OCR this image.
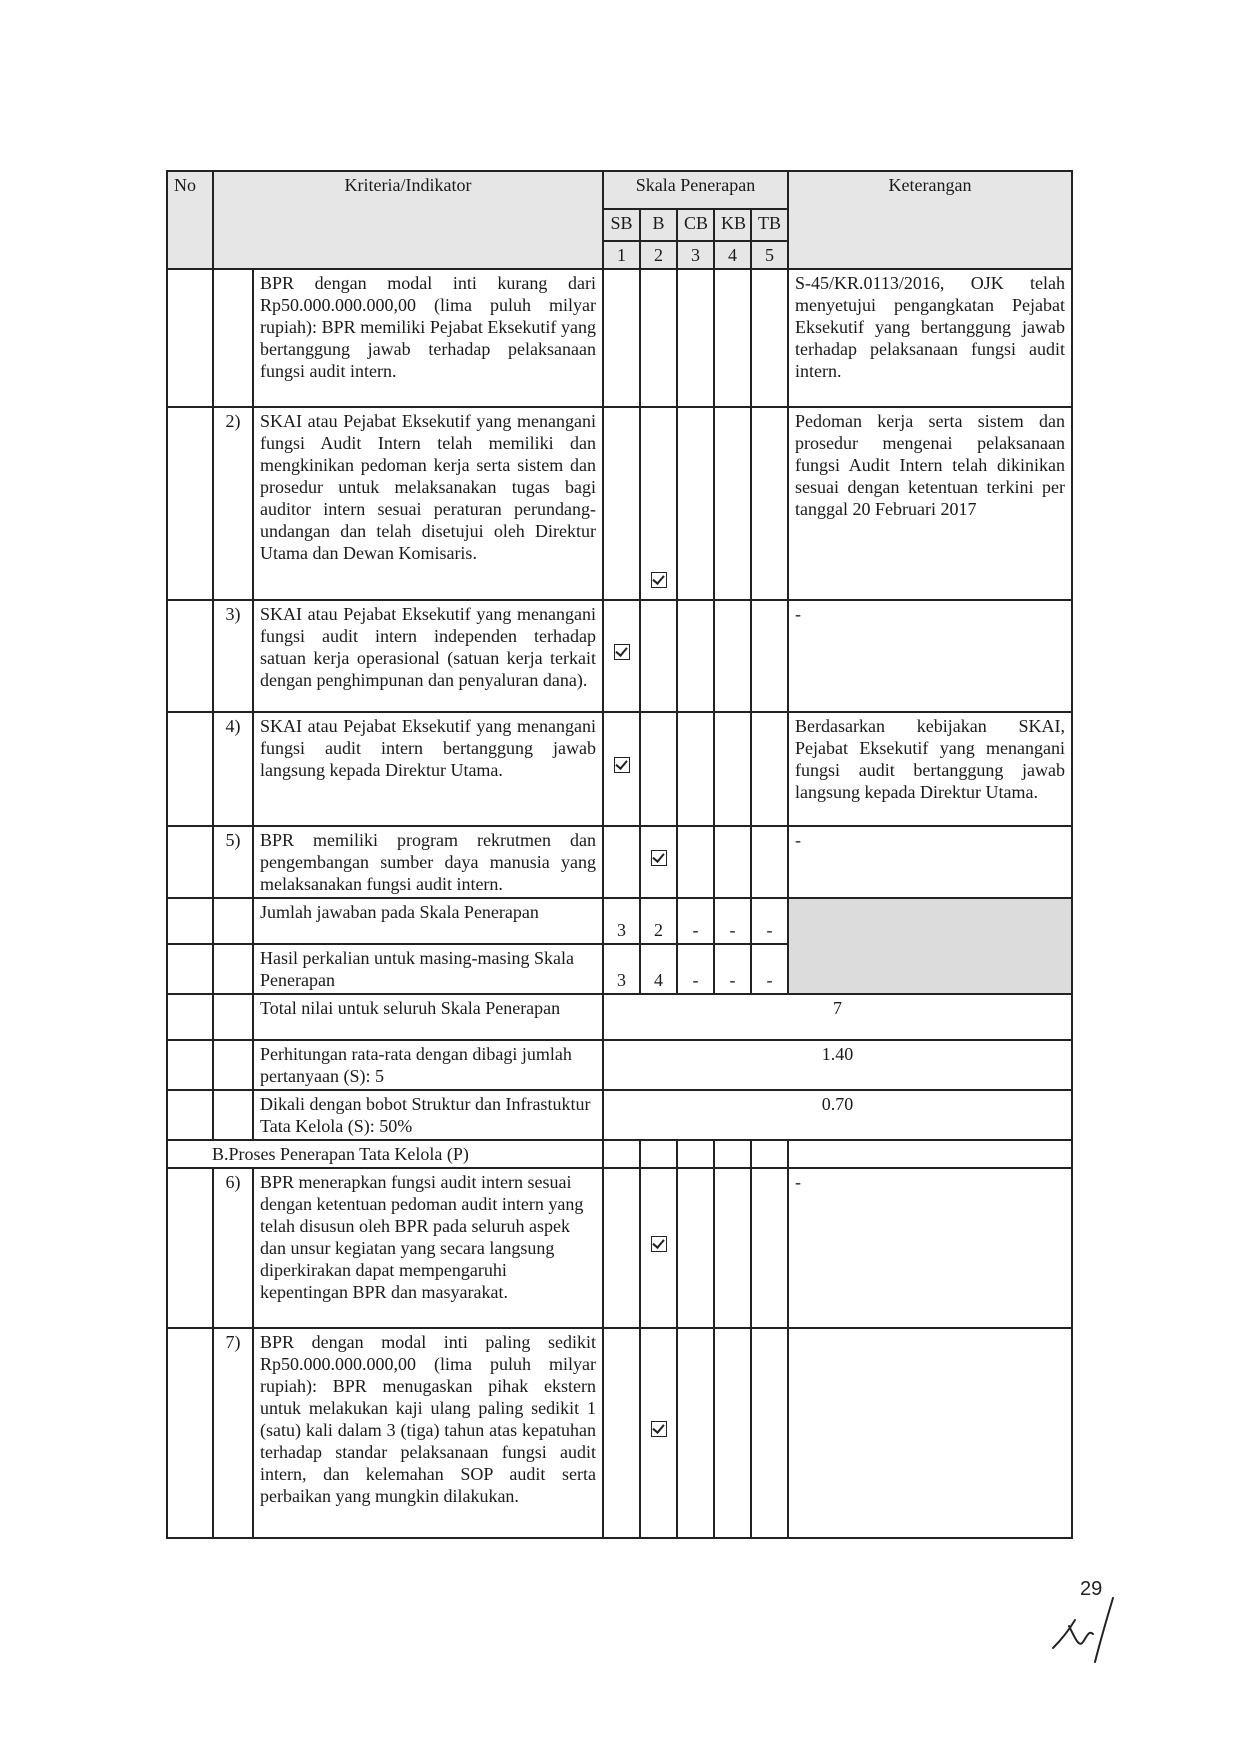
No	Kriteria/Indikator		Skala Penerapan					Keterangan
			SB	B	CB	KB	TB	
			1	2	3	4	5	
		BPR dengan modal inti kurang dari Rp50.000.000.000,00 (lima puluh milyar rupiah): BPR memiliki Pejabat Eksekutif yang bertanggung jawab terhadap pelaksanaan fungsi audit intern.						S-45/KR.0113/2016, OJK telah menyetujui pengangkatan Pejabat Eksekutif yang bertanggung jawab terhadap pelaksanaan fungsi audit intern.
	2)	SKAI atau Pejabat Eksekutif yang menangani fungsi Audit Intern telah memiliki dan mengkinikan pedoman kerja serta sistem dan prosedur untuk melaksanakan tugas bagi auditor intern sesuai peraturan perundang-undangan dan telah disetujui oleh Direktur Utama dan Dewan Komisaris.						Pedoman kerja serta sistem dan prosedur mengenai pelaksanaan fungsi Audit Intern telah dikinikan sesuai dengan ketentuan terkini per tanggal 20 Februari 2017
	3)	SKAI atau Pejabat Eksekutif yang menangani fungsi audit intern independen terhadap satuan kerja operasional (satuan kerja terkait dengan penghimpunan dan penyaluran dana).						-
	4)	SKAI atau Pejabat Eksekutif yang menangani fungsi audit intern bertanggung jawab langsung kepada Direktur Utama.						Berdasarkan kebijakan SKAI, Pejabat Eksekutif yang menangani fungsi audit bertanggung jawab langsung kepada Direktur Utama.
	5)	BPR memiliki program rekrutmen dan pengembangan sumber daya manusia yang melaksanakan fungsi audit intern.						-
		Jumlah jawaban pada Skala Penerapan	3	2	-	-	-	
		Hasil perkalian untuk masing-masing Skala Penerapan	3	4	-	-	-	
		Total nilai untuk seluruh Skala Penerapan	7					
		Perhitungan rata-rata dengan dibagi jumlah pertanyaan (S): 5	1.40					
		Dikali dengan bobot Struktur dan Infrastuktur Tata Kelola (S): 50%	0.70					
B.Proses Penerapan Tata Kelola (P)								
	6)	BPR menerapkan fungsi audit intern sesuai dengan ketentuan pedoman audit intern yang telah disusun oleh BPR pada seluruh aspek dan unsur kegiatan yang secara langsung diperkirakan dapat mempengaruhi kepentingan BPR dan masyarakat.						-
	7)	BPR dengan modal inti paling sedikit Rp50.000.000.000,00 (lima puluh milyar rupiah): BPR menugaskan pihak ekstern untuk melakukan kaji ulang paling sedikit 1 (satu) kali dalam 3 (tiga) tahun atas kepatuhan terhadap standar pelaksanaan fungsi audit intern, dan kelemahan SOP audit serta perbaikan yang mungkin dilakukan.						
29
